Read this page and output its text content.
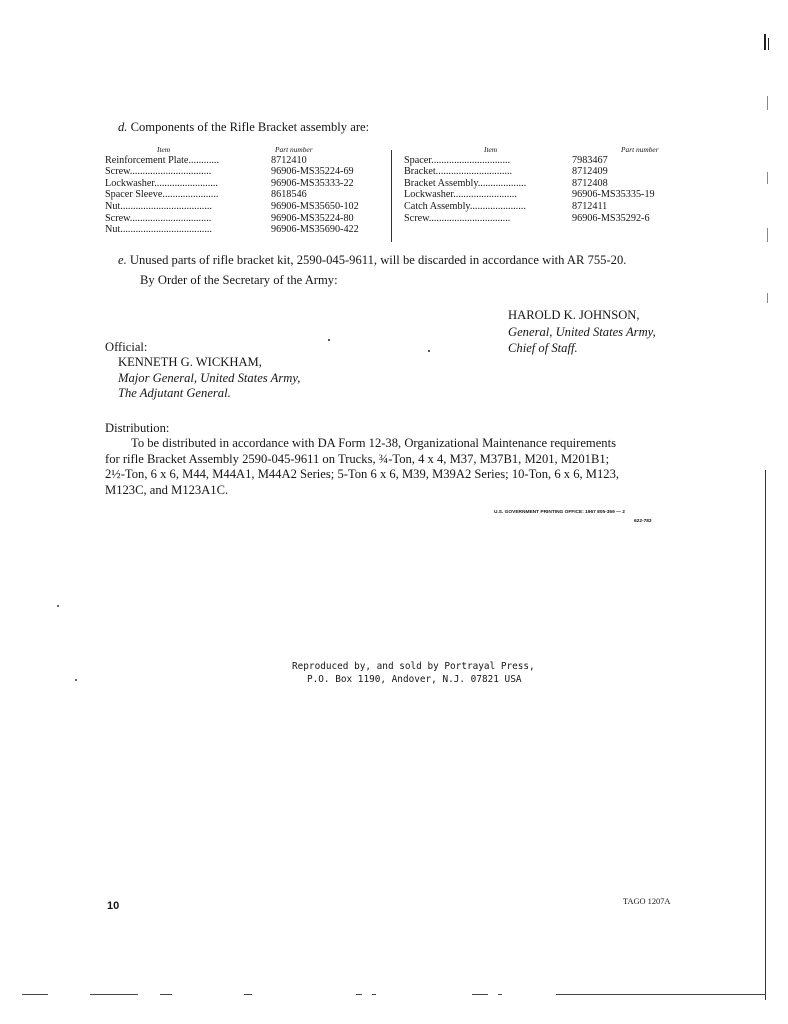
d. Components of the Rifle Bracket assembly are:
Item	Part number
Reinforcement Plate............	8712410
Screw................................	96906-MS35224-69
Lockwasher.........................	96906-MS35333-22
Spacer Sleeve......................	8618546
Nut....................................	96906-MS35650-102
Screw................................	96906-MS35224-80
Nut....................................	96906-MS35690-422
Item	Part number
Spacer...............................	7983467
Bracket..............................	8712409
Bracket Assembly...................	8712408
Lockwasher.........................	96906-MS35335-19
Catch Assembly......................	8712411
Screw................................	96906-MS35292-6
e. Unused parts of rifle bracket kit, 2590-045-9611, will be discarded in accordance with AR 755-20.
By Order of the Secretary of the Army:
HAROLD K. JOHNSON,
General, United States Army,
Chief of Staff.
Official:
KENNETH G. WICKHAM,
Major General, United States Army,
The Adjutant General.
Distribution:
To be distributed in accordance with DA Form 12-38, Organizational Maintenance requirements
for rifle Bracket Assembly 2590-045-9611 on Trucks, ¾-Ton, 4 x 4, M37, M37B1, M201, M201B1;
2½-Ton, 6 x 6, M44, M44A1, M44A2 Series; 5-Ton 6 x 6, M39, M39A2 Series; 10-Ton, 6 x 6, M123,
M123C, and M123A1C.
U.S. GOVERNMENT PRINTING OFFICE: 1967 805-359 — 2
622-783
Reproduced by, and sold by Portrayal Press,
P.O. Box 1190, Andover, N.J. 07821 USA
10	TAGO 1207A
